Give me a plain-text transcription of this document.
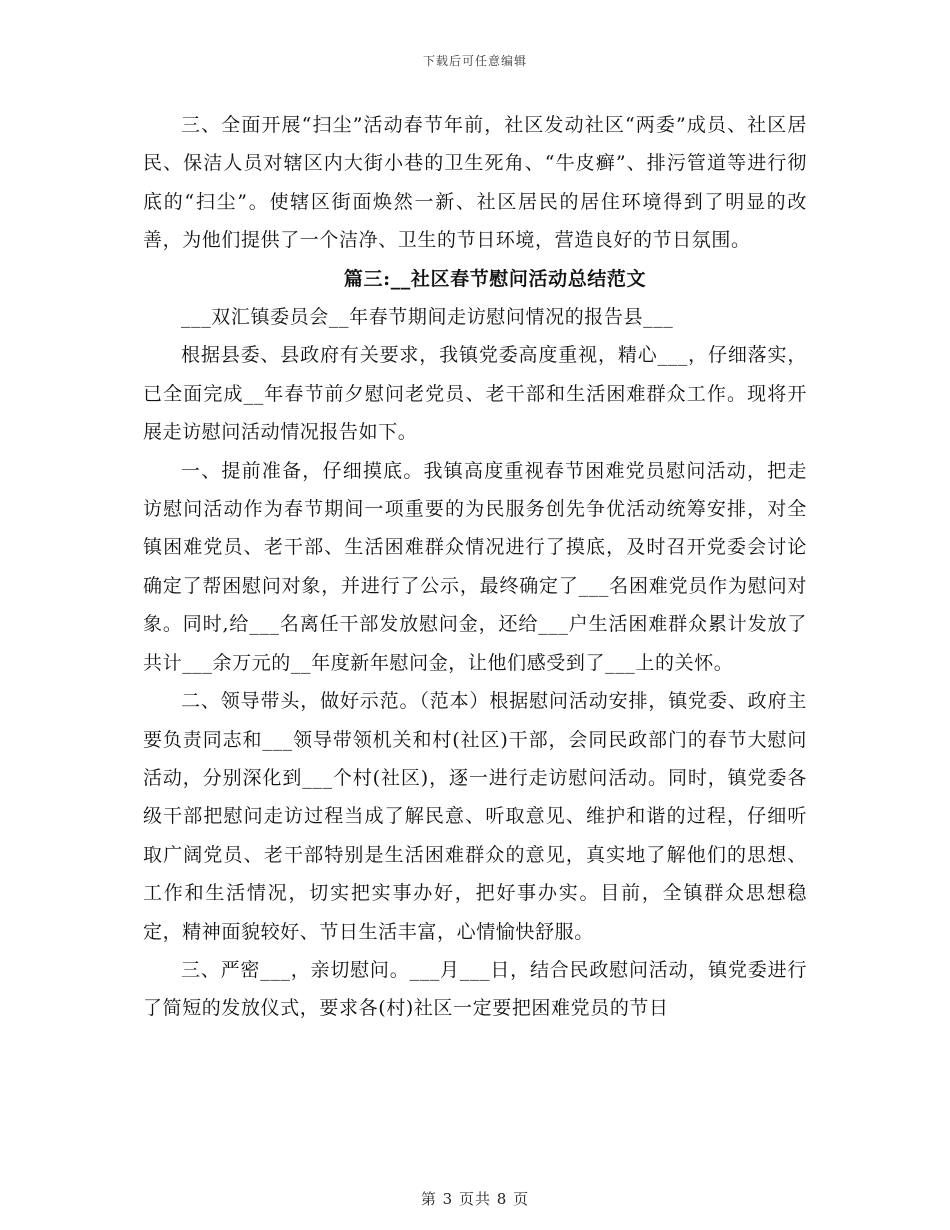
下载后可任意编辑

三、全面开展“扫尘”活动春节年前，社区发动社区“两委”成员、社区居民、保洁人员对辖区内大街小巷的卫生死角、“牛皮癣”、排污管道等进行彻底的“扫尘”。使辖区街面焕然一新、社区居民的居住环境得到了明显的改善，为他们提供了一个洁净、卫生的节日环境，营造良好的节日氛围。

篇三:__社区春节慰问活动总结范文

___双汇镇委员会__年春节期间走访慰问情况的报告县___

根据县委、县政府有关要求，我镇党委高度重视，精心___，仔细落实，已全面完成__年春节前夕慰问老党员、老干部和生活困难群众工作。现将开展走访慰问活动情况报告如下。

一、提前准备，仔细摸底。我镇高度重视春节困难党员慰问活动，把走访慰问活动作为春节期间一项重要的为民服务创先争优活动统筹安排，对全镇困难党员、老干部、生活困难群众情况进行了摸底，及时召开党委会讨论确定了帮困慰问对象，并进行了公示，最终确定了___名困难党员作为慰问对象。同时,给___名离任干部发放慰问金，还给___户生活困难群众累计发放了共计___余万元的__年度新年慰问金，让他们感受到了___上的关怀。

二、领导带头，做好示范。（范本）根据慰问活动安排，镇党委、政府主要负责同志和___领导带领机关和村(社区)干部，会同民政部门的春节大慰问活动，分别深化到___个村(社区)，逐一进行走访慰问活动。同时，镇党委各级干部把慰问走访过程当成了解民意、听取意见、维护和谐的过程，仔细听取广阔党员、老干部特别是生活困难群众的意见，真实地了解他们的思想、工作和生活情况，切实把实事办好，把好事办实。目前，全镇群众思想稳定，精神面貌较好、节日生活丰富，心情愉快舒服。

三、严密___，亲切慰问。___月___日，结合民政慰问活动，镇党委进行了简短的发放仪式，要求各(村)社区一定要把困难党员的节日

第 3 页共 8 页
